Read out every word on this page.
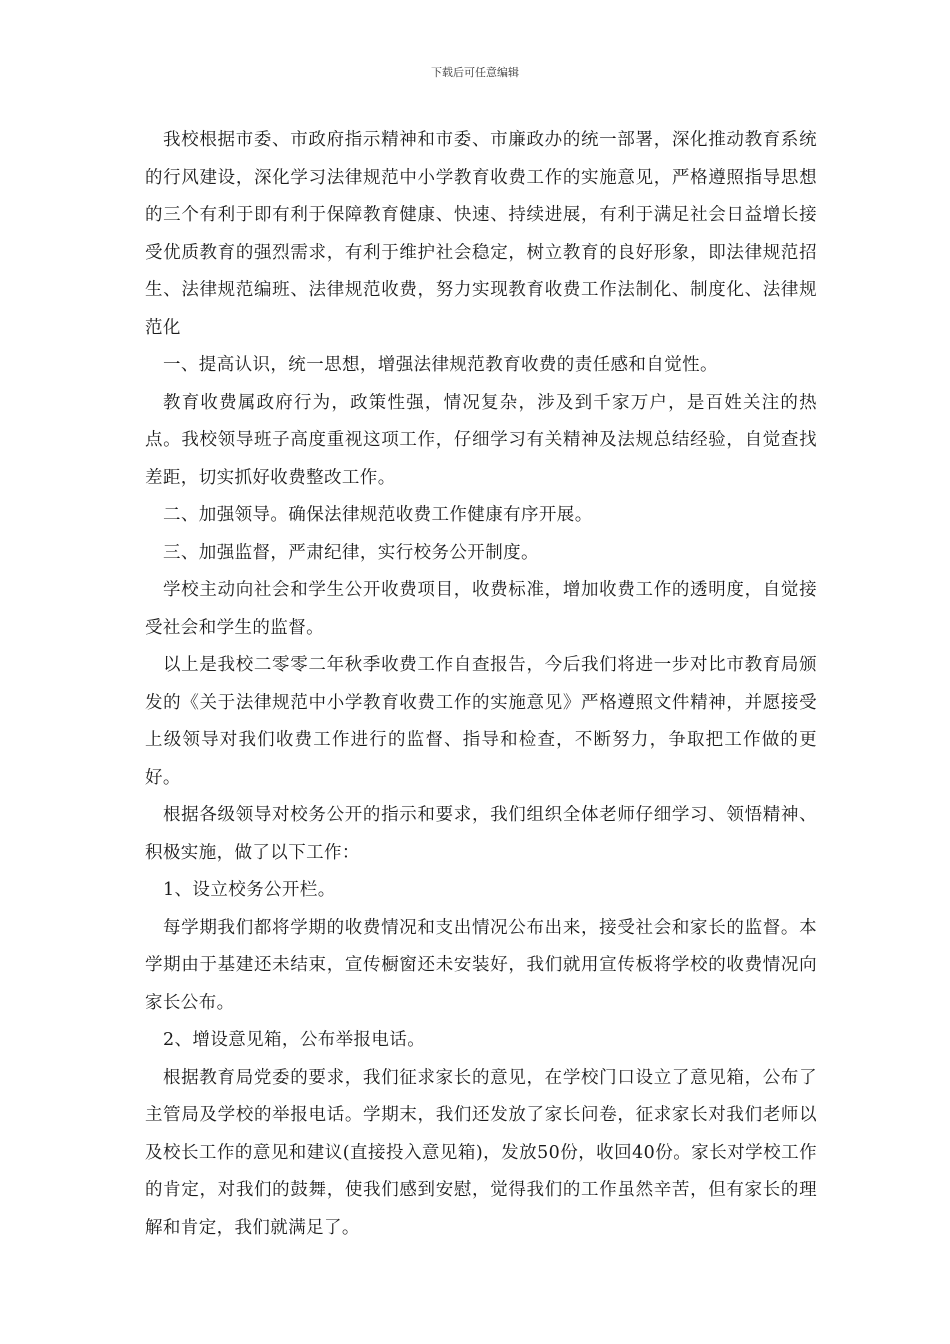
下载后可任意编辑

我校根据市委、市政府指示精神和市委、市廉政办的统一部署，深化推动教育系统的行风建设，深化学习法律规范中小学教育收费工作的实施意见，严格遵照指导思想的三个有利于即有利于保障教育健康、快速、持续进展，有利于满足社会日益增长接受优质教育的强烈需求，有利于维护社会稳定，树立教育的良好形象，即法律规范招生、法律规范编班、法律规范收费，努力实现教育收费工作法制化、制度化、法律规范化

一、提高认识，统一思想，增强法律规范教育收费的责任感和自觉性。

教育收费属政府行为，政策性强，情况复杂，涉及到千家万户，是百姓关注的热点。我校领导班子高度重视这项工作，仔细学习有关精神及法规总结经验，自觉查找差距，切实抓好收费整改工作。

二、加强领导。确保法律规范收费工作健康有序开展。

三、加强监督，严肃纪律，实行校务公开制度。

学校主动向社会和学生公开收费项目，收费标准，增加收费工作的透明度，自觉接受社会和学生的监督。

以上是我校二零零二年秋季收费工作自查报告，今后我们将进一步对比市教育局颁发的《关于法律规范中小学教育收费工作的实施意见》严格遵照文件精神，并愿接受上级领导对我们收费工作进行的监督、指导和检查，不断努力，争取把工作做的更好。

根据各级领导对校务公开的指示和要求，我们组织全体老师仔细学习、领悟精神、积极实施，做了以下工作：

1、设立校务公开栏。

每学期我们都将学期的收费情况和支出情况公布出来，接受社会和家长的监督。本学期由于基建还未结束，宣传橱窗还未安装好，我们就用宣传板将学校的收费情况向家长公布。

2、增设意见箱，公布举报电话。

根据教育局党委的要求，我们征求家长的意见，在学校门口设立了意见箱，公布了主管局及学校的举报电话。学期末，我们还发放了家长问卷，征求家长对我们老师以及校长工作的意见和建议(直接投入意见箱)，发放50份，收回40份。家长对学校工作的肯定，对我们的鼓舞，使我们感到安慰，觉得我们的工作虽然辛苦，但有家长的理解和肯定，我们就满足了。
